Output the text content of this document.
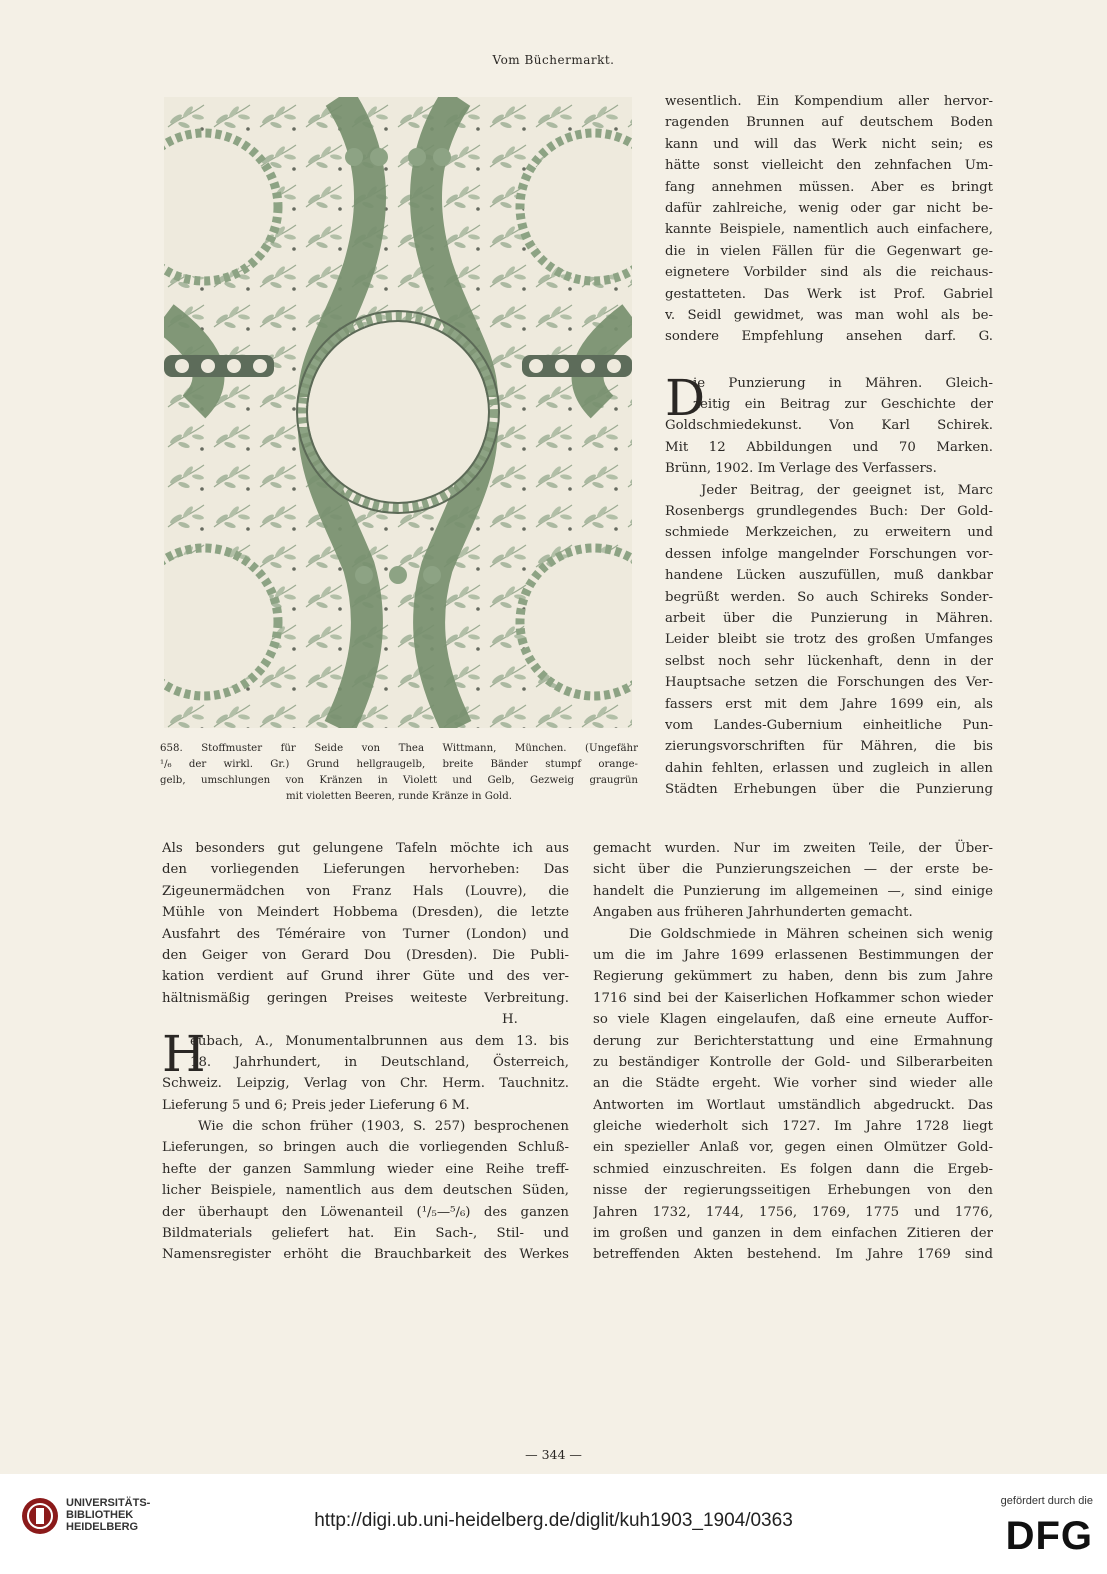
Vom Büchermarkt.
658. Stoffmuster für Seide von Thea Wittmann, München. (Ungefähr
¹/₆ der wirkl. Gr.) Grund hellgraugelb, breite Bänder stumpf orange-
gelb, umschlungen von Kränzen in Violett und Gelb, Gezweig graugrün
mit violetten Beeren, runde Kränze in Gold.
wesentlich. Ein Kompendium aller hervor-
ragenden Brunnen auf deutschem Boden
kann und will das Werk nicht sein; es
hätte sonst vielleicht den zehnfachen Um-
fang annehmen müssen. Aber es bringt
dafür zahlreiche, wenig oder gar nicht be-
kannte Beispiele, namentlich auch einfachere,
die in vielen Fällen für die Gegenwart ge-
eignetere Vorbilder sind als die reichaus-
gestatteten. Das Werk ist Prof. Gabriel
v. Seidl gewidmet, was man wohl als be-
sondere Empfehlung ansehen darf. G.
D
ie Punzierung in Mähren. Gleich-
zeitig ein Beitrag zur Geschichte der
Goldschmiedekunst. Von Karl Schirek.
Mit 12 Abbildungen und 70 Marken.
Brünn, 1902. Im Verlage des Verfassers.
Jeder Beitrag, der geeignet ist, Marc
Rosenbergs grundlegendes Buch: Der Gold-
schmiede Merkzeichen, zu erweitern und
dessen infolge mangelnder Forschungen vor-
handene Lücken auszufüllen, muß dankbar
begrüßt werden. So auch Schireks Sonder-
arbeit über die Punzierung in Mähren.
Leider bleibt sie trotz des großen Umfanges
selbst noch sehr lückenhaft, denn in der
Hauptsache setzen die Forschungen des Ver-
fassers erst mit dem Jahre 1699 ein, als
vom Landes-Gubernium einheitliche Pun-
zierungsvorschriften für Mähren, die bis
dahin fehlten, erlassen und zugleich in allen
Städten Erhebungen über die Punzierung
gemacht wurden. Nur im zweiten Teile, der Über-
sicht über die Punzierungszeichen — der erste be-
handelt die Punzierung im allgemeinen —, sind einige
Angaben aus früheren Jahrhunderten gemacht.
Die Goldschmiede in Mähren scheinen sich wenig
um die im Jahre 1699 erlassenen Bestimmungen der
Regierung gekümmert zu haben, denn bis zum Jahre
1716 sind bei der Kaiserlichen Hofkammer schon wieder
so viele Klagen eingelaufen, daß eine erneute Auffor-
derung zur Berichterstattung und eine Ermahnung
zu beständiger Kontrolle der Gold- und Silberarbeiten
an die Städte ergeht. Wie vorher sind wieder alle
Antworten im Wortlaut umständlich abgedruckt. Das
gleiche wiederholt sich 1727. Im Jahre 1728 liegt
ein spezieller Anlaß vor, gegen einen Olmützer Gold-
schmied einzuschreiten. Es folgen dann die Ergeb-
nisse der regierungsseitigen Erhebungen von den
Jahren 1732, 1744, 1756, 1769, 1775 und 1776,
im großen und ganzen in dem einfachen Zitieren der
betreffenden Akten bestehend. Im Jahre 1769 sind
Als besonders gut gelungene Tafeln möchte ich aus
den vorliegenden Lieferungen hervorheben: Das
Zigeunermädchen von Franz Hals (Louvre), die
Mühle von Meindert Hobbema (Dresden), die letzte
Ausfahrt des Téméraire von Turner (London) und
den Geiger von Gerard Dou (Dresden). Die Publi-
kation verdient auf Grund ihrer Güte und des ver-
hältnismäßig geringen Preises weiteste Verbreitung.
H.
H
eubach, A., Monumentalbrunnen aus dem 13. bis
18. Jahrhundert, in Deutschland, Österreich,
Schweiz. Leipzig, Verlag von Chr. Herm. Tauchnitz.
Lieferung 5 und 6; Preis jeder Lieferung 6 M.
Wie die schon früher (1903, S. 257) besprochenen
Lieferungen, so bringen auch die vorliegenden Schluß-
hefte der ganzen Sammlung wieder eine Reihe treff-
licher Beispiele, namentlich aus dem deutschen Süden,
der überhaupt den Löwenanteil (¹/₅—⁵/₆) des ganzen
Bildmaterials geliefert hat. Ein Sach-, Stil- und
Namensregister erhöht die Brauchbarkeit des Werkes
— 344 —
UNIVERSITÄTS-
BIBLIOTHEK
HEIDELBERG	http://digi.ub.uni-heidelberg.de/diglit/kuh1903_1904/0363
gefördert durch die
DFG
